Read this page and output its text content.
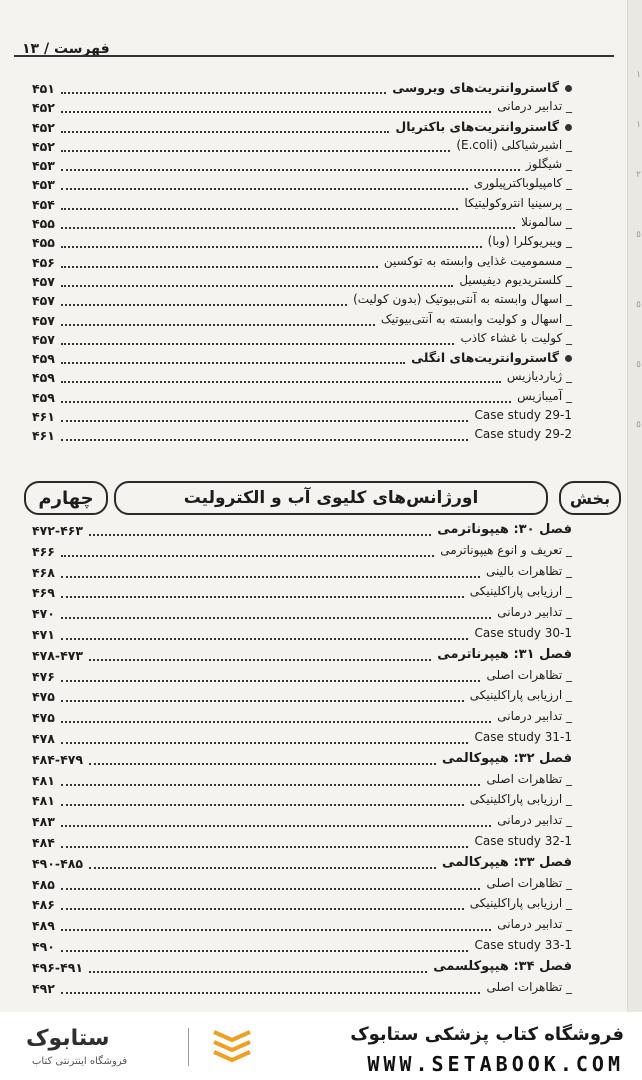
فهرست / ۱۳
١
١
٢
٥
٥
٥
٥
۴۵۱	گاستروانتریت‌های ویروسی
۴۵۲	_ تدابیر درمانی
۴۵۲	گاستروانتریت‌های باکتریال
۴۵۲	_ اشیرشیاکلی (E.coli)
۴۵۳	_ شیگلوز
۴۵۳	_ کامپیلوباکترپیلوری
۴۵۴	_ پرسینیا انتروکولیتیکا
۴۵۵	_ سالمونلا
۴۵۵	_ ویبریوکلرا (وبا)
۴۵۶	_ مسمومیت غذایی وابسته به توکسین
۴۵۷	_ کلستریدیوم دیفیسیل
۴۵۷	_ اسهال وابسته به آنتی‌بیوتیک (بدون کولیت)
۴۵۷	_ اسهال و کولیت وابسته به آنتی‌بیوتیک
۴۵۷	_ کولیت با غشاء کاذب
۴۵۹	گاستروانتریت‌های انگلی
۴۵۹	_ ژیاردیازیس
۴۵۹	_ آمیبازیس
۴۶۱	Case study 29-1
۴۶۱	Case study 29-2
چهارم	اورژانس‌های کلیوی آب و الکترولیت	بخش
۴۷۲-۴۶۳	فصل ۳۰: هیپوناترمی
۴۶۶	_ تعریف و انوع هیپوناترمی
۴۶۸	_ تظاهرات بالینی
۴۶۹	_ ارزیابی پاراکلینیکی
۴۷۰	_ تدابیر درمانی
۴۷۱	Case study 30-1
۴۷۸-۴۷۳	فصل ۳۱: هیپرناترمی
۴۷۶	_ تظاهرات اصلی
۴۷۵	_ ارزیابی پاراکلینیکی
۴۷۵	_ تدابیر درمانی
۴۷۸	Case study 31-1
۴۸۴-۴۷۹	فصل ۳۲: هیپوکالمی
۴۸۱	_ تظاهرات اصلی
۴۸۱	_ ارزیابی پاراکلینیکی
۴۸۳	_ تدابیر درمانی
۴۸۴	Case study 32-1
۴۹۰-۴۸۵	فصل ۳۳: هیپرکالمی
۴۸۵	_ تظاهرات اصلی
۴۸۶	_ ارزیابی پاراکلینیکی
۴۸۹	_ تدابیر درمانی
۴۹۰	Case study 33-1
۴۹۶-۴۹۱	فصل ۳۴: هیپوکلسمی
۴۹۲	_ تظاهرات اصلی
ستابوک
فروشگاه اینترنتی کتاب
فروشگاه کتاب پزشکی ستابوک
WWW.SETABOOK.COM
